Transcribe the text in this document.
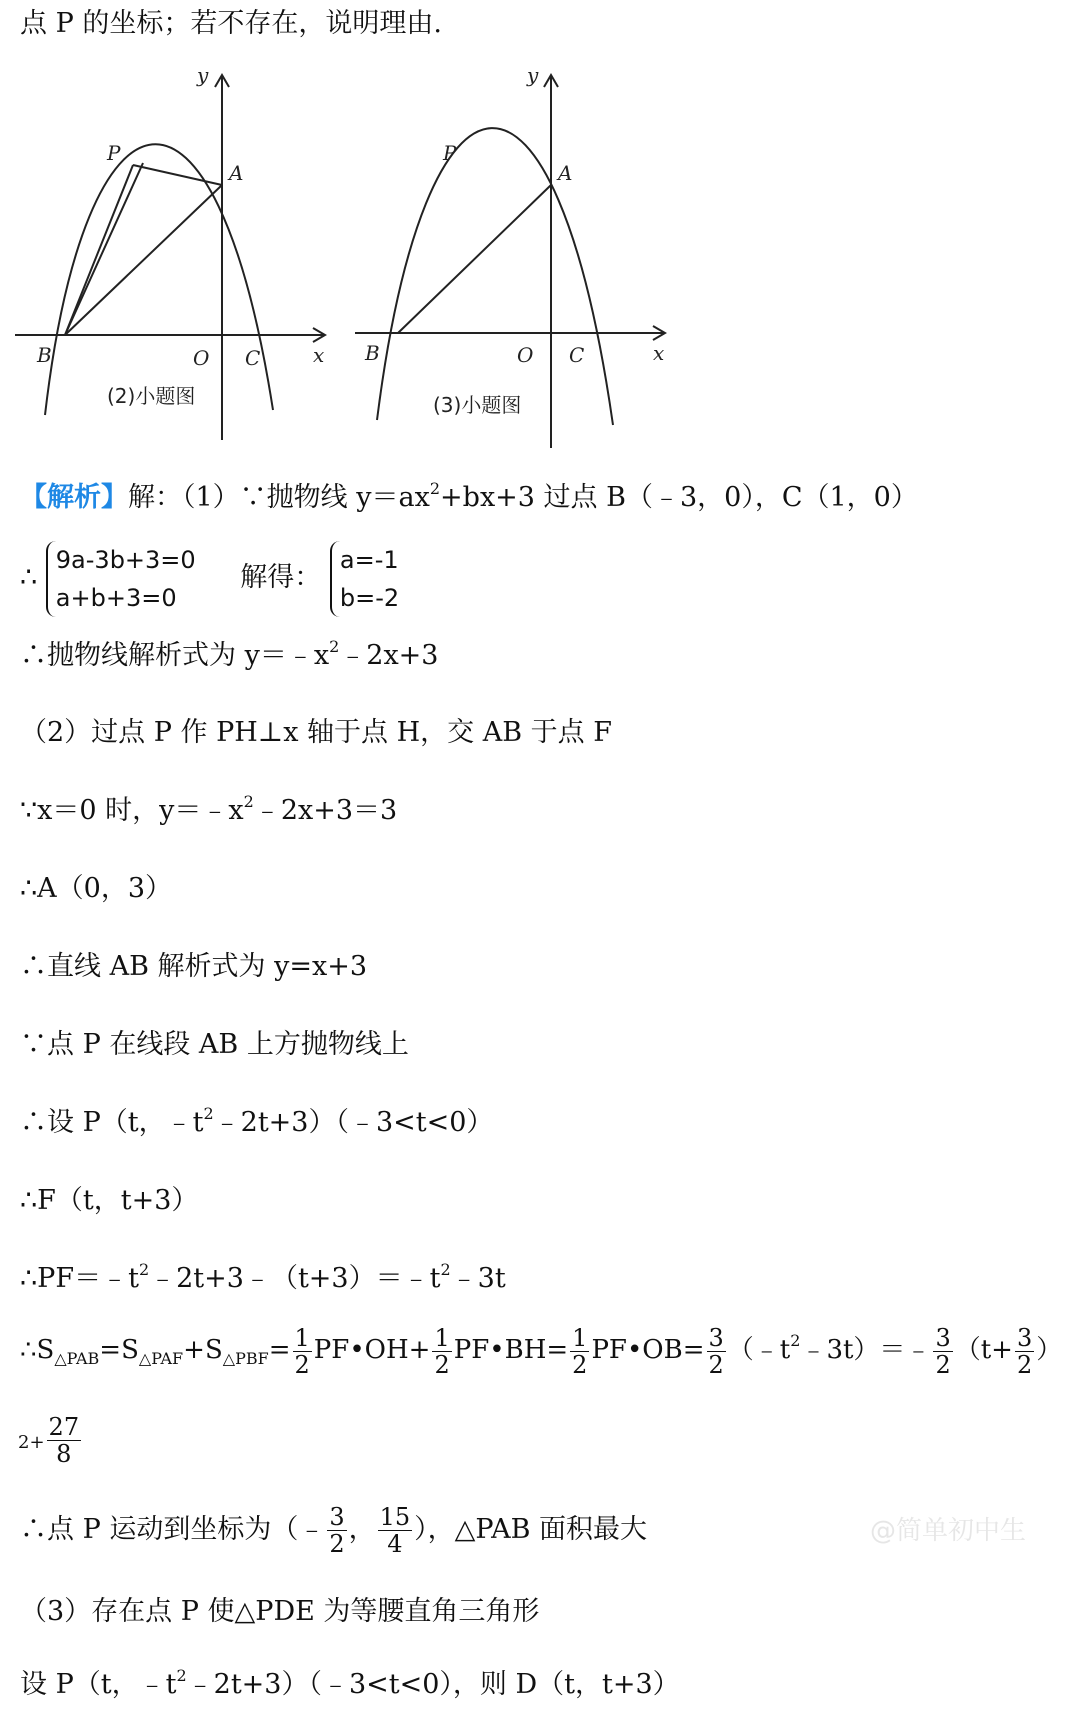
点 P 的坐标；若不存在，说明理由.
y
x
P
A
B	O C
(2)小题图
y
x
P
A
B	O C
(3)小题图
【解析】解：（1）∵抛物线 $y=ax^2+bx+3$ 过点 B（﹣3，0），C（1，0）
∴
9a-3b+3=0
a+b+3=0
解得：
a=-1
b=-2
∴抛物线解析式为 $y=﹣x^2﹣2x+3$
（2）过点 P 作 PH⊥x 轴于点 H，交 AB 于点 F
∵x＝0 时，$y=﹣x^2﹣2x+3=3$
∴A（0，3）
∴直线 AB 解析式为 y=x+3
∵点 P 在线段 AB 上方抛物线上
∴设 P（t，$﹣t^2﹣2t+3)(﹣3<t<0)$
∴F（t，t+3）
$\therefore PF=﹣t^2﹣2t+3﹣(t+3)=﹣t^2﹣3t$
$\therefore S_{\triangle PAB}=S_{\triangle PAF}+S_{\triangle PBF}= \frac{1}{2}$ PF•OH+ $\frac{1}{2}$ PF•BH= $\frac{1}{2}$ PF•OB= $\frac{3}{2}$ $(﹣t^2﹣3t)=﹣ \frac{3}{2} (t+ \frac{3}{2}$ ）
$2+ \frac{27}{8}$
∴点 P 运动到坐标为（﹣ $\frac{3}{2}$ ， $\frac{15}{4}$ ），△PAB 面积最大	@简单初中生
（3）存在点 P 使△PDE 为等腰直角三角形
设 P（t，$﹣t^2﹣2t+3)(﹣3<t<0)$，则 D（t，t+3）
